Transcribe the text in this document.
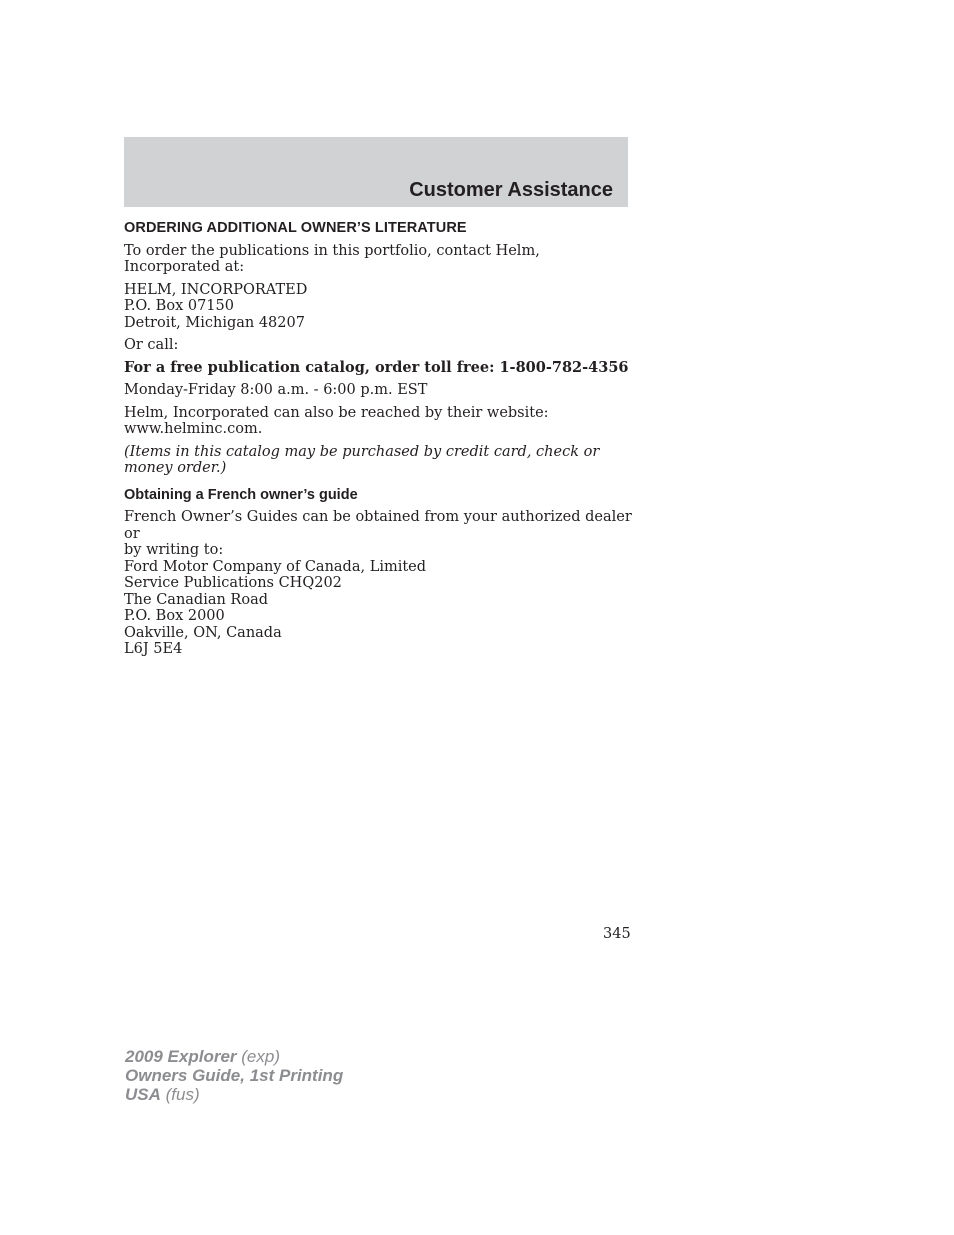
Customer Assistance
ORDERING ADDITIONAL OWNER’S LITERATURE

To order the publications in this portfolio, contact Helm, Incorporated at:

HELM, INCORPORATED
P.O. Box 07150
Detroit, Michigan 48207

Or call:

For a free publication catalog, order toll free: 1-800-782-4356

Monday-Friday 8:00 a.m. - 6:00 p.m. EST

Helm, Incorporated can also be reached by their website:
www.helminc.com.
(Items in this catalog may be purchased by credit card, check or
money order.)
Obtaining a French owner’s guide
French Owner’s Guides can be obtained from your authorized dealer or
by writing to:
Ford Motor Company of Canada, Limited
Service Publications CHQ202
The Canadian Road
P.O. Box 2000
Oakville, ON, Canada
L6J 5E4
345
2009 Explorer (exp)
Owners Guide, 1st Printing
USA (fus)
